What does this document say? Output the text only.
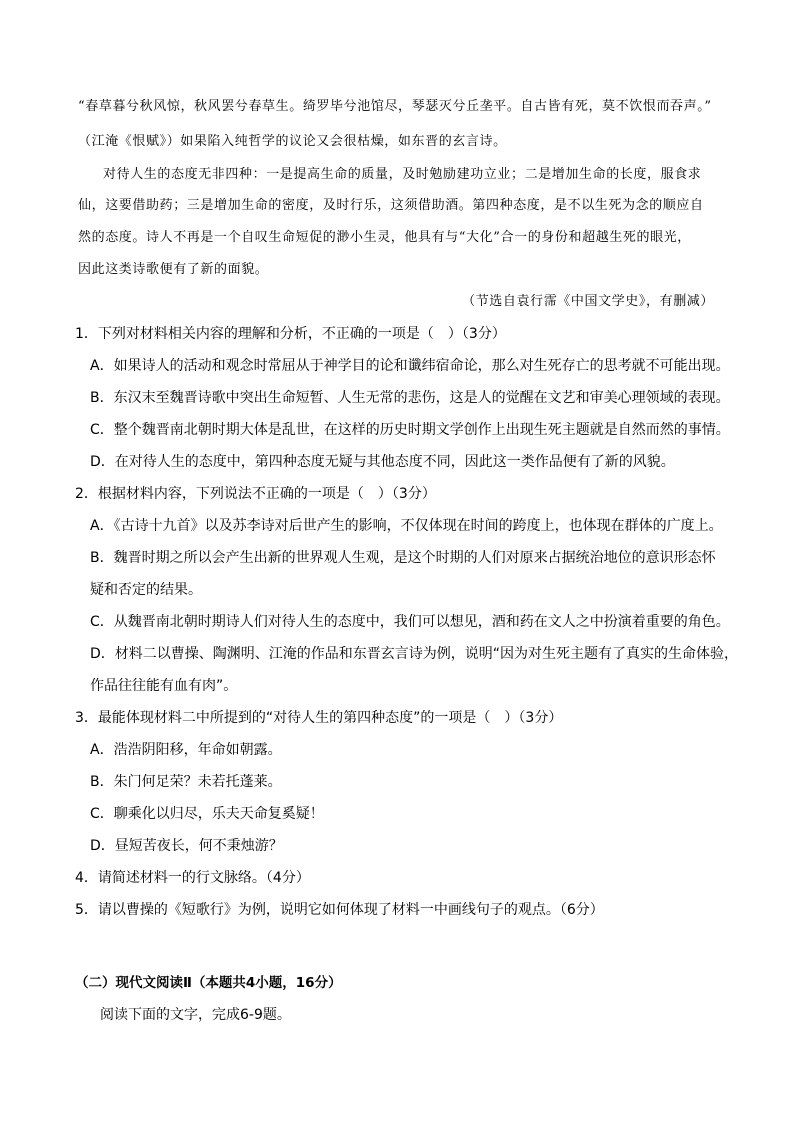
“春草暮兮秋风惊，秋风罢兮春草生。绮罗毕兮池馆尽，琴瑟灭兮丘垄平。自古皆有死，莫不饮恨而吞声。”
（江淹《恨赋》）如果陷入纯哲学的议论又会很枯燥，如东晋的玄言诗。
对待人生的态度无非四种：一是提高生命的质量，及时勉励建功立业；二是增加生命的长度，服食求
仙，这要借助药；三是增加生命的密度，及时行乐，这须借助酒。第四种态度，是不以生死为念的顺应自
然的态度。诗人不再是一个自叹生命短促的渺小生灵，他具有与“大化”合一的身份和超越生死的眼光，
因此这类诗歌便有了新的面貌。
（节选自袁行霈《中国文学史》，有删减）
1．下列对材料相关内容的理解和分析，不正确的一项是（　）（3分）
A．如果诗人的活动和观念时常屈从于神学目的论和谶纬宿命论，那么对生死存亡的思考就不可能出现。
B．东汉末至魏晋诗歌中突出生命短暂、人生无常的悲伤，这是人的觉醒在文艺和审美心理领域的表现。
C．整个魏晋南北朝时期大体是乱世，在这样的历史时期文学创作上出现生死主题就是自然而然的事情。
D．在对待人生的态度中，第四种态度无疑与其他态度不同，因此这一类作品便有了新的风貌。
2．根据材料内容，下列说法不正确的一项是（　）（3分）
A．《古诗十九首》以及苏李诗对后世产生的影响，不仅体现在时间的跨度上，也体现在群体的广度上。
B．魏晋时期之所以会产生出新的世界观人生观，是这个时期的人们对原来占据统治地位的意识形态怀
疑和否定的结果。
C．从魏晋南北朝时期诗人们对待人生的态度中，我们可以想见，酒和药在文人之中扮演着重要的角色。
D．材料二以曹操、陶渊明、江淹的作品和东晋玄言诗为例，说明“因为对生死主题有了真实的生命体验，
作品往往能有血有肉”。
3．最能体现材料二中所提到的“对待人生的第四种态度”的一项是（　）（3分）
A．浩浩阴阳移，年命如朝露。
B．朱门何足荣？未若托蓬莱。
C．聊乘化以归尽，乐夫天命复奚疑！
D．昼短苦夜长，何不秉烛游？
4．请简述材料一的行文脉络。（4分）
5．请以曹操的《短歌行》为例，说明它如何体现了材料一中画线句子的观点。（6分）
（二）现代文阅读Ⅱ（本题共4小题，16分）
阅读下面的文字，完成6-9题。
